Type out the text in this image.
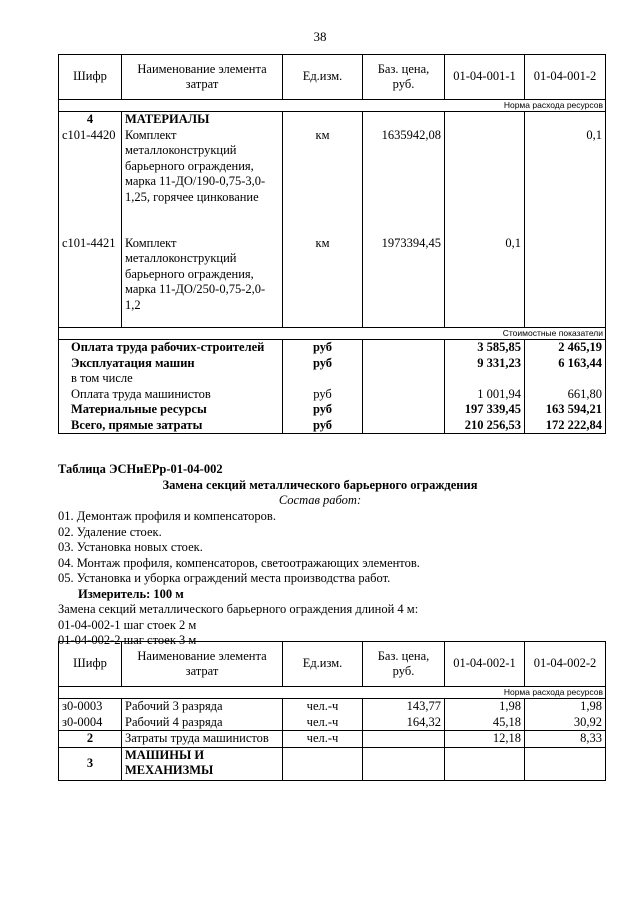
38
Шифр	Наименование элемента затрат	Ед.изм.	Баз. цена, руб.	01-04-001-1	01-04-001-2
Норма расхода ресурсов					
4	МАТЕРИАЛЫ				
с101-4420	Комплект металлоконструкций барьерного ограждения, марка 11-ДО/190-0,75-3,0-1,25, горячее цинкование	км	1635942,08		0,1
с101-4421	Комплект металлоконструкций барьерного ограждения, марка 11-ДО/250-0,75-2,0-1,2	км	1973394,45	0,1	
Стоимостные показатели					
Оплата труда рабочих-строителей		руб		3 585,85	2 465,19
Эксплуатация машин		руб		9 331,23	6 163,44
в том числе					
Оплата труда машинистов		руб		1 001,94	661,80
Материальные ресурсы		руб		197 339,45	163 594,21
Всего, прямые затраты		руб		210 256,53	172 222,84
Таблица ЭСНиЕРр-01-04-002
Замена секций металлического барьерного ограждения
Состав работ:
01. Демонтаж профиля и компенсаторов.
02. Удаление стоек.
03. Установка новых стоек.
04. Монтаж профиля, компенсаторов, светоотражающих элементов.
05. Установка и уборка ограждений места производства работ.
Измеритель: 100 м
Замена секций металлического барьерного ограждения длиной 4 м:
01-04-002-1 шаг стоек 2 м
01-04-002-2 шаг стоек 3 м
Шифр	Наименование элемента затрат	Ед.изм.	Баз. цена, руб.	01-04-002-1	01-04-002-2
Норма расхода ресурсов					
з0-0003	Рабочий 3 разряда	чел.-ч	143,77	1,98	1,98
з0-0004	Рабочий 4 разряда	чел.-ч	164,32	45,18	30,92
2	Затраты труда машинистов	чел.-ч		12,18	8,33
3	МАШИНЫ И МЕХАНИЗМЫ				
